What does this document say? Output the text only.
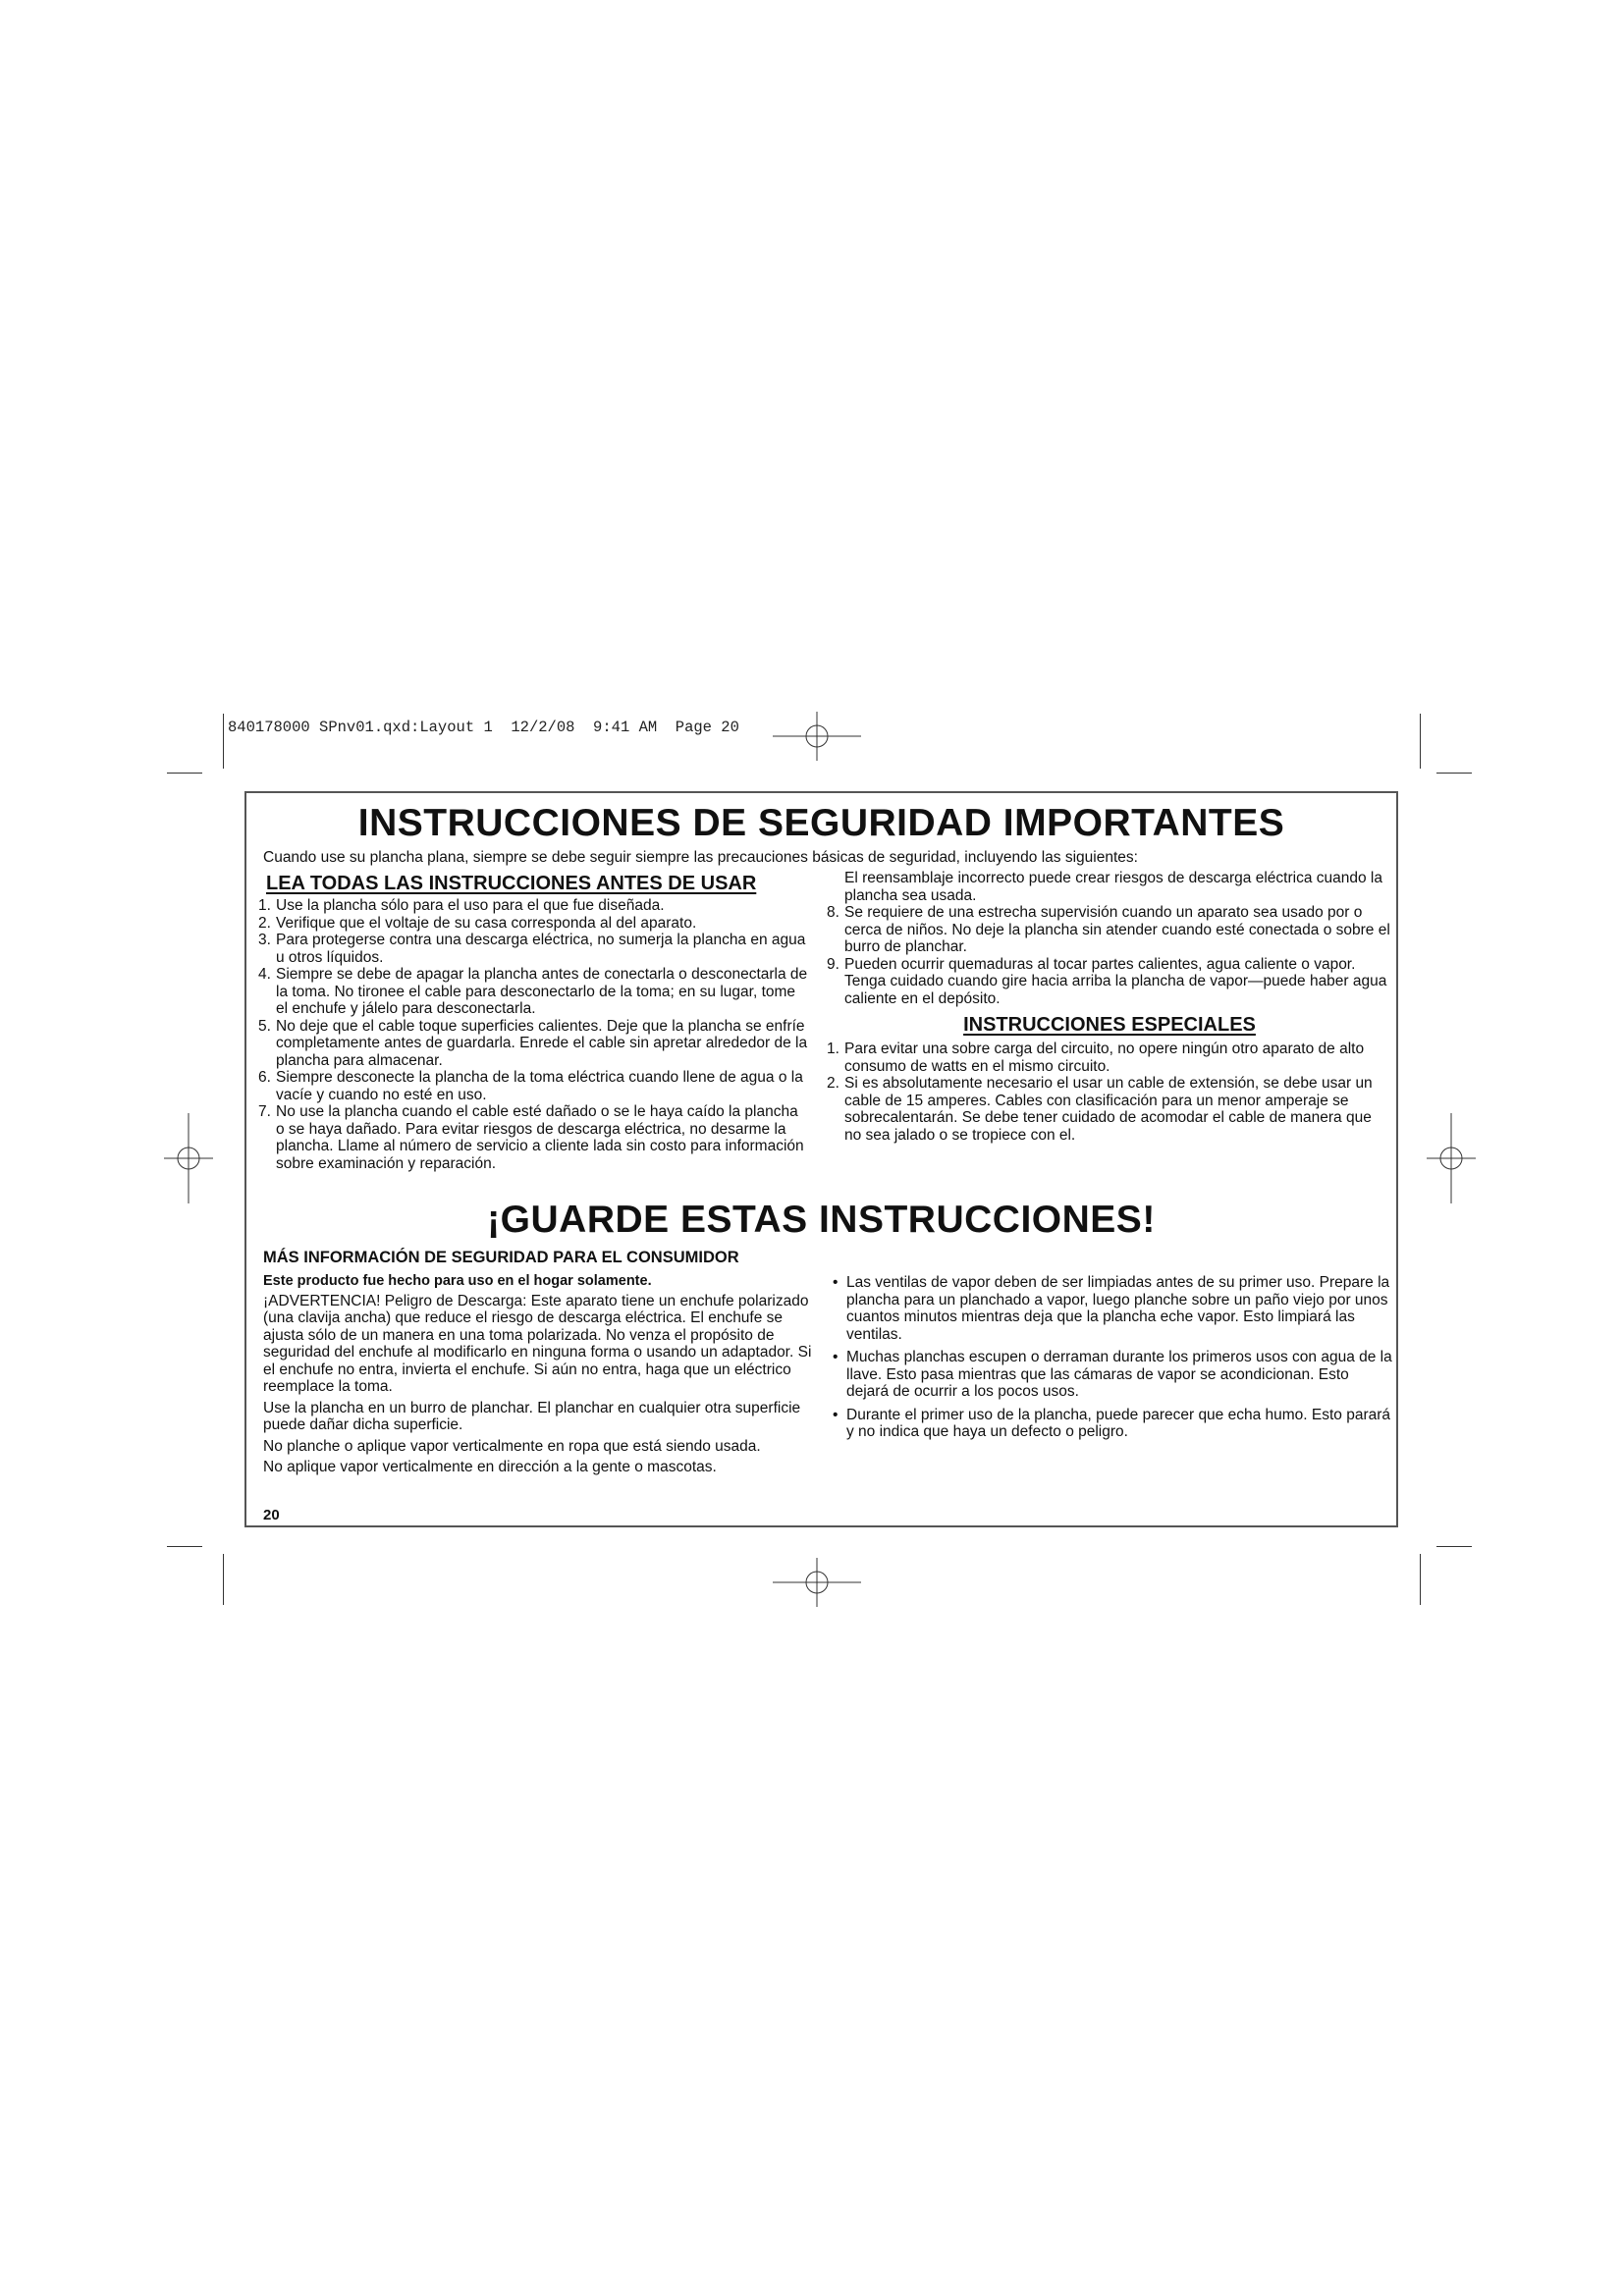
840178000 SPnv01.qxd:Layout 1  12/2/08  9:41 AM  Page 20
INSTRUCCIONES DE SEGURIDAD IMPORTANTES
Cuando use su plancha plana, siempre se debe seguir siempre las precauciones básicas de seguridad, incluyendo las siguientes:
LEA TODAS LAS INSTRUCCIONES ANTES DE USAR
1. Use la plancha sólo para el uso para el que fue diseñada.
2. Verifique que el voltaje de su casa corresponda al del aparato.
3. Para protegerse contra una descarga eléctrica, no sumerja la plancha en agua u otros líquidos.
4. Siempre se debe de apagar la plancha antes de conectarla o desconectarla de la toma. No tironee el cable para desconectarlo de la toma; en su lugar, tome el enchufe y jálelo para desconectarla.
5. No deje que el cable toque superficies calientes. Deje que la plancha se enfríe completamente antes de guardarla. Enrede el cable sin apretar alrededor de la plancha para almacenar.
6. Siempre desconecte la plancha de la toma eléctrica cuando llene de agua o la vacíe y cuando no esté en uso.
7. No use la plancha cuando el cable esté dañado o se le haya caído la plancha o se haya dañado. Para evitar riesgos de descarga eléctrica, no desarme la plancha. Llame al número de servicio a cliente lada sin costo para información sobre examinación y reparación.
El reensamblaje incorrecto puede crear riesgos de descarga eléctrica cuando la plancha sea usada.
8. Se requiere de una estrecha supervisión cuando un aparato sea usado por o cerca de niños. No deje la plancha sin atender cuando esté conectada o sobre el burro de planchar.
9. Pueden ocurrir quemaduras al tocar partes calientes, agua caliente o vapor. Tenga cuidado cuando gire hacia arriba la plancha de vapor—puede haber agua caliente en el depósito.
INSTRUCCIONES ESPECIALES
1. Para evitar una sobre carga del circuito, no opere ningún otro aparato de alto consumo de watts en el mismo circuito.
2. Si es absolutamente necesario el usar un cable de extensión, se debe usar un cable de 15 amperes. Cables con clasificación para un menor amperaje se sobrecalentarán. Se debe tener cuidado de acomodar el cable de manera que no sea jalado o se tropiece con el.
¡GUARDE ESTAS INSTRUCCIONES!
MÁS INFORMACIÓN DE SEGURIDAD PARA EL CONSUMIDOR
Este producto fue hecho para uso en el hogar solamente.
¡ADVERTENCIA! Peligro de Descarga: Este aparato tiene un enchufe polarizado (una clavija ancha) que reduce el riesgo de descarga eléctrica. El enchufe se ajusta sólo de un manera en una toma polarizada. No venza el propósito de seguridad del enchufe al modificarlo en ninguna forma o usando un adaptador. Si el enchufe no entra, invierta el enchufe. Si aún no entra, haga que un eléctrico reemplace la toma.
Use la plancha en un burro de planchar. El planchar en cualquier otra superficie puede dañar dicha superficie.
No planche o aplique vapor verticalmente en ropa que está siendo usada.
No aplique vapor verticalmente en dirección a la gente o mascotas.
• Las ventilas de vapor deben de ser limpiadas antes de su primer uso. Prepare la plancha para un planchado a vapor, luego planche sobre un paño viejo por unos cuantos minutos mientras deja que la plancha eche vapor. Esto limpiará las ventilas.
• Muchas planchas escupen o derraman durante los primeros usos con agua de la llave. Esto pasa mientras que las cámaras de vapor se acondicionan. Esto dejará de ocurrir a los pocos usos.
• Durante el primer uso de la plancha, puede parecer que echa humo. Esto parará y no indica que haya un defecto o peligro.
20
